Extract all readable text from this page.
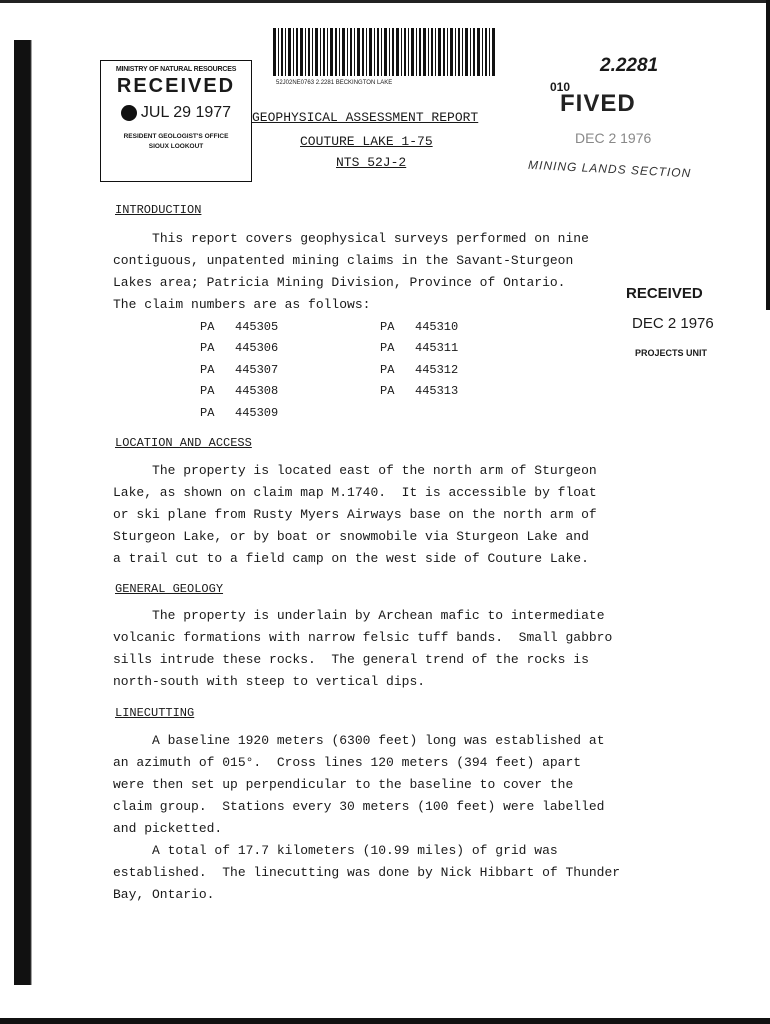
MINISTRY OF NATURAL RESOURCES
RECEIVED
JUL 29 1977
RESIDENT GEOLOGIST'S OFFICE
SIOUX LOOKOUT
52J02NE0763 2.2281 BECKINGTON LAKE
GEOPHYSICAL ASSESSMENT REPORT
COUTURE LAKE 1-75
NTS 52J-2
2.2281
010
FIVED
DEC 2 1976
MINING LANDS SECTION
RECEIVED
DEC 2 1976
PROJECTS UNIT
INTRODUCTION
This report covers geophysical surveys performed on nine
contiguous, unpatented mining claims in the Savant-Sturgeon
Lakes area; Patricia Mining Division, Province of Ontario.
The claim numbers are as follows:
PA 445305	PA 445310
PA 445306	PA 445311
PA 445307	PA 445312
PA 445308	PA 445313
PA 445309
LOCATION AND ACCESS
The property is located east of the north arm of Sturgeon
Lake, as shown on claim map M.1740.  It is accessible by float
or ski plane from Rusty Myers Airways base on the north arm of
Sturgeon Lake, or by boat or snowmobile via Sturgeon Lake and
a trail cut to a field camp on the west side of Couture Lake.
GENERAL GEOLOGY
The property is underlain by Archean mafic to intermediate
volcanic formations with narrow felsic tuff bands.  Small gabbro
sills intrude these rocks.  The general trend of the rocks is
north-south with steep to vertical dips.
LINECUTTING
A baseline 1920 meters (6300 feet) long was established at
an azimuth of 015°.  Cross lines 120 meters (394 feet) apart
were then set up perpendicular to the baseline to cover the
claim group.  Stations every 30 meters (100 feet) were labelled
and picketted.
A total of 17.7 kilometers (10.99 miles) of grid was
established.  The linecutting was done by Nick Hibbart of Thunder
Bay, Ontario.
